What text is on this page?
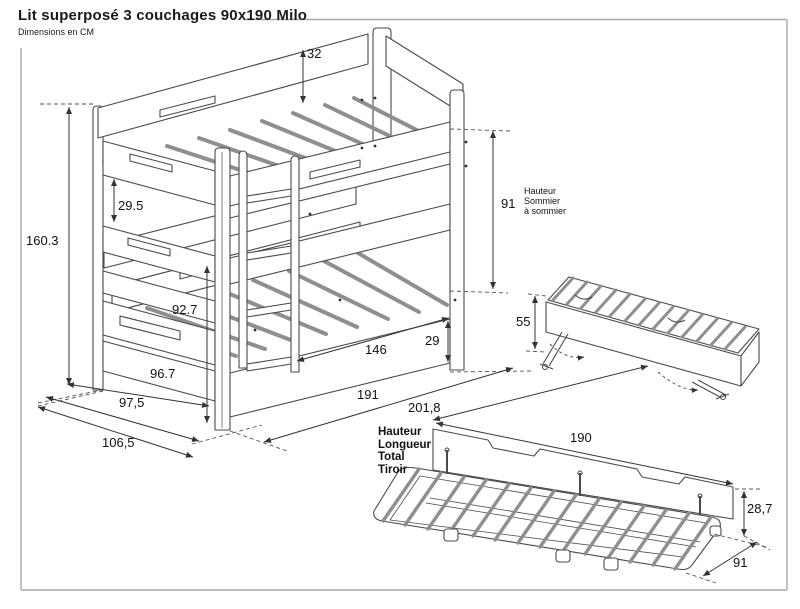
Lit superposé 3 couchages 90x190 Milo
Dimensions en CM
32
29.5
160.3
92.7
96.7
97,5
106,5
146
29
191
201,8
91
55
190
28,7
91
Hauteur
Sommier
à sommier
Hauteur
Longueur
Total
Tiroir
